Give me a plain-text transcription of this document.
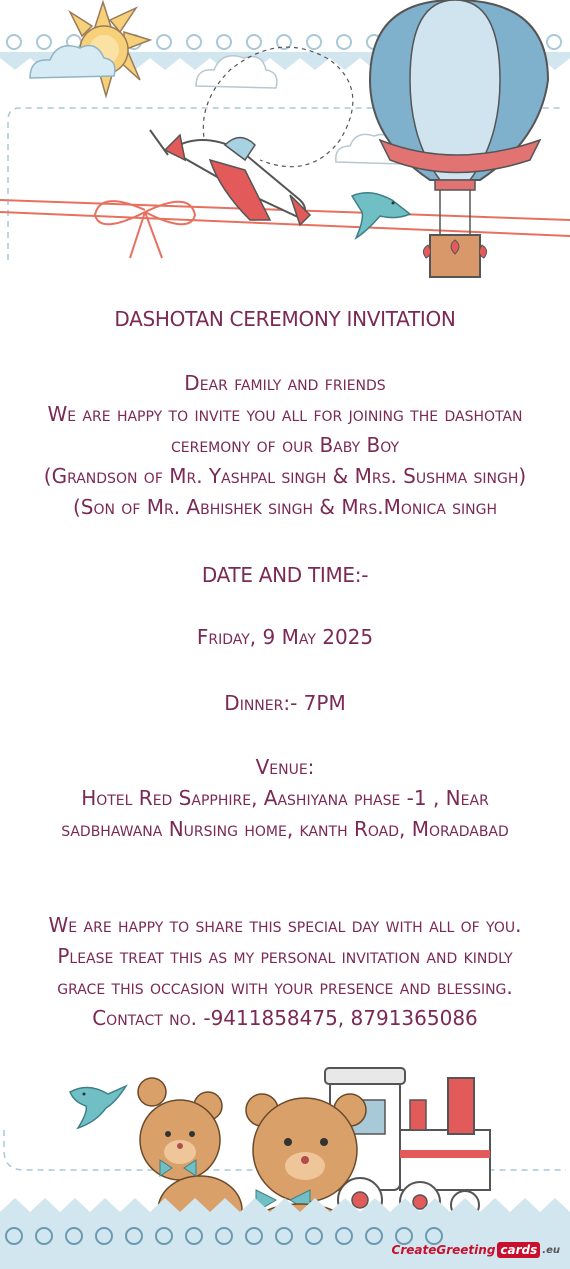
DASHOTAN CEREMONY INVITATION
Dear family and friends
We are happy to invite you all for joining the dashotan
ceremony of our Baby Boy
(Grandson of Mr. Yashpal singh & Mrs. Sushma singh)
(Son of Mr. Abhishek singh & Mrs.Monica singh
DATE AND TIME:-
Friday, 9 May 2025
Dinner:- 7PM
Venue:
Hotel Red Sapphire, Aashiyana phase -1 , Near
sadbhawana Nursing home, kanth Road, Moradabad
We are happy to share this special day with all of you.
Please treat this as my personal invitation and kindly
grace this occasion with your presence and blessing.
Contact no. -9411858475, 8791365086
CreateGreeting cards .eu
